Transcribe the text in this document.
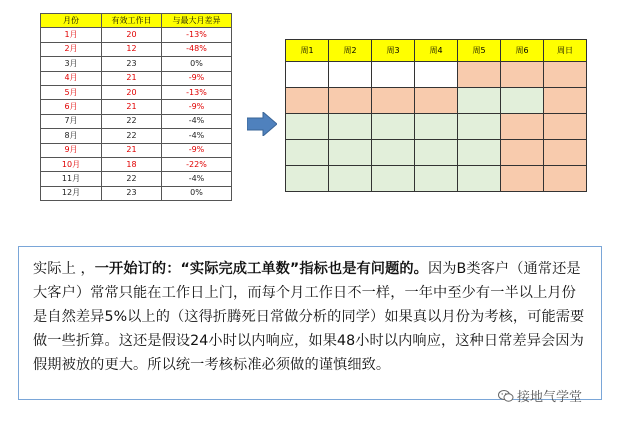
月份	有效工作日	与最大月差异
1月	20	-13%
2月	12	-48%
3月	23	0%
4月	21	-9%
5月	20	-13%
6月	21	-9%
7月	22	-4%
8月	22	-4%
9月	21	-9%
10月	18	-22%
11月	22	-4%
12月	23	0%
周1	周2	周3	周4	周5	周6	周日

实际上 ，一开始订的：“实际完成工单数”指标也是有问题的。因为B类客户（通常还是大客户）常常只能在工作日上门，而每个月工作日不一样，一年中至少有一半以上月份是自然差异5%以上的（这得折腾死日常做分析的同学）如果真以月份为考核，可能需要做一些折算。这还是假设24小时以内响应，如果48小时以内响应，这种日常差异会因为假期被放的更大。所以统一考核标准必须做的谨慎细致。
接地气学堂
